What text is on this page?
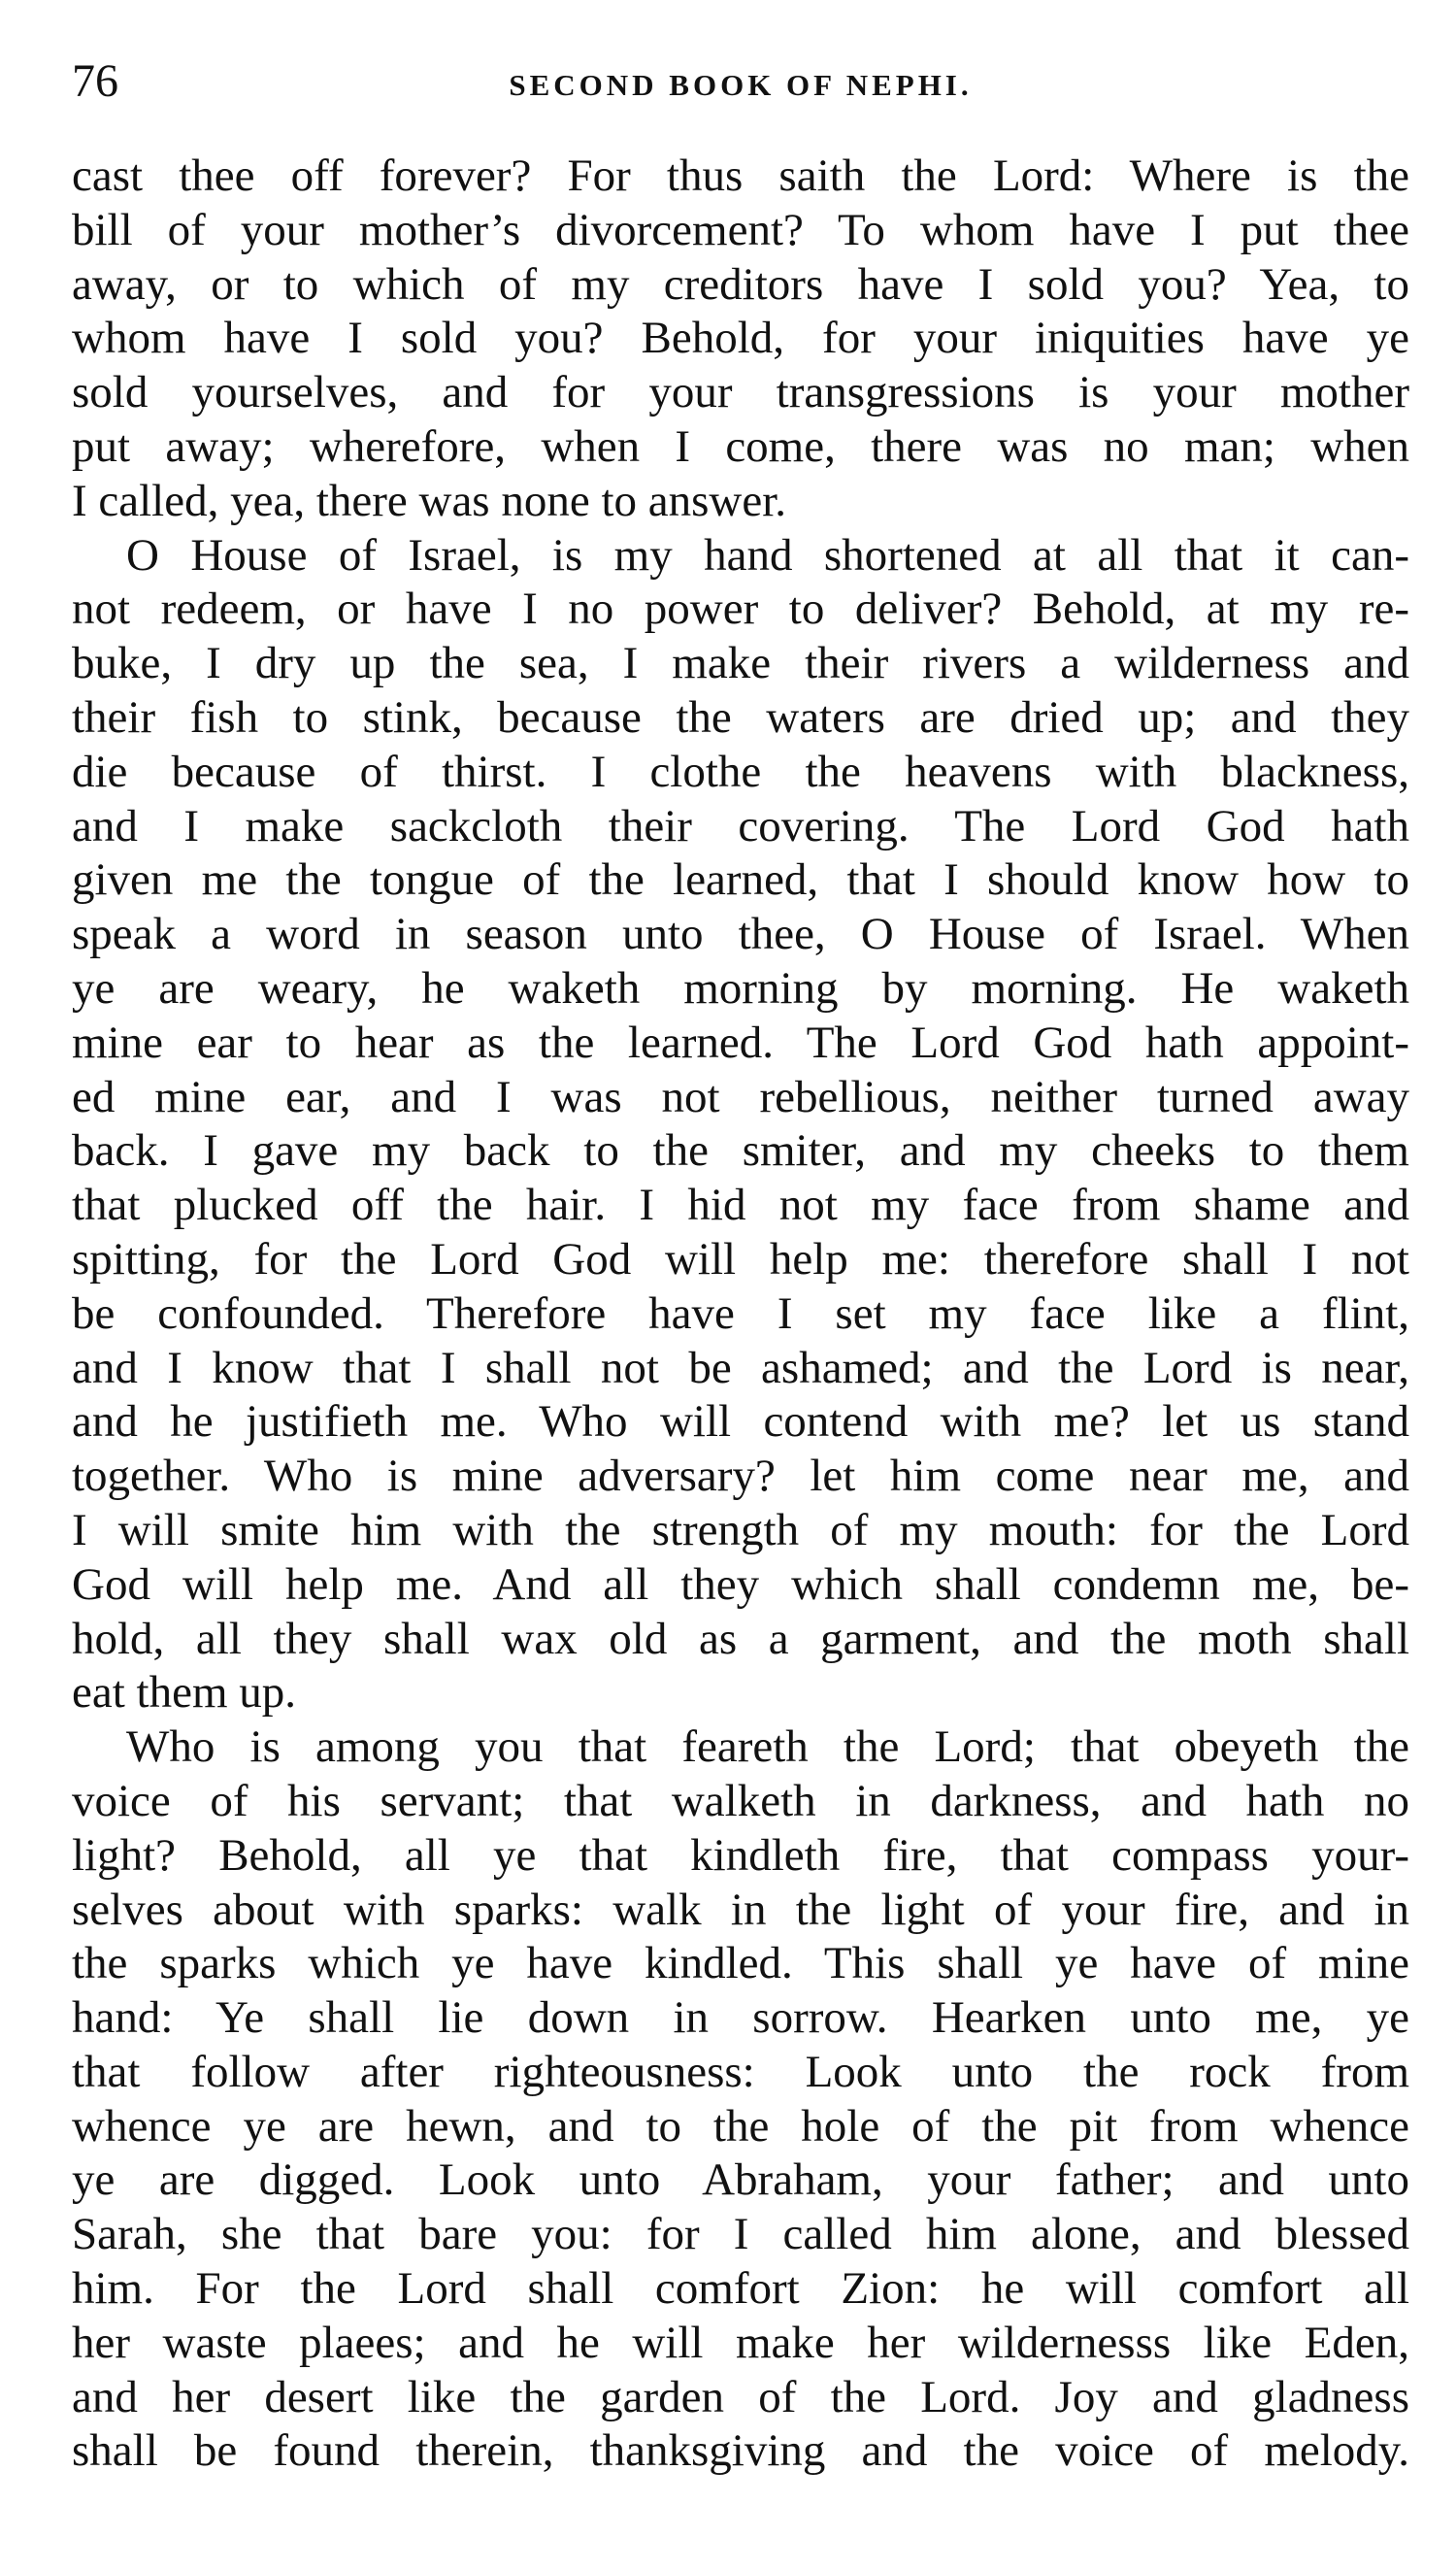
76	SECOND BOOK OF NEPHI.

cast thee off forever? For thus saith the Lord: Where is the
bill of your mother’s divorcement? To whom have I put thee
away, or to which of my creditors have I sold you? Yea, to
whom have I sold you? Behold, for your iniquities have ye
sold yourselves, and for your transgressions is your mother
put away; wherefore, when I come, there was no man; when
I called, yea, there was none to answer.

O House of Israel, is my hand shortened at all that it can-
not redeem, or have I no power to deliver? Behold, at my re-
buke, I dry up the sea, I make their rivers a wilderness and
their fish to stink, because the waters are dried up; and they
die because of thirst. I clothe the heavens with blackness,
and I make sackcloth their covering. The Lord God hath
given me the tongue of the learned, that I should know how to
speak a word in season unto thee, O House of Israel. When
ye are weary, he waketh morning by morning. He waketh
mine ear to hear as the learned. The Lord God hath appoint-
ed mine ear, and I was not rebellious, neither turned away
back. I gave my back to the smiter, and my cheeks to them
that plucked off the hair. I hid not my face from shame and
spitting, for the Lord God will help me: therefore shall I not
be confounded. Therefore have I set my face like a flint,
and I know that I shall not be ashamed; and the Lord is near,
and he justifieth me. Who will contend with me? let us stand
together. Who is mine adversary? let him come near me, and
I will smite him with the strength of my mouth: for the Lord
God will help me. And all they which shall condemn me, be-
hold, all they shall wax old as a garment, and the moth shall
eat them up.

Who is among you that feareth the Lord; that obeyeth the
voice of his servant; that walketh in darkness, and hath no
light? Behold, all ye that kindleth fire, that compass your-
selves about with sparks: walk in the light of your fire, and in
the sparks which ye have kindled. This shall ye have of mine
hand: Ye shall lie down in sorrow. Hearken unto me, ye
that follow after righteousness: Look unto the rock from
whence ye are hewn, and to the hole of the pit from whence
ye are digged. Look unto Abraham, your father; and unto
Sarah, she that bare you: for I called him alone, and blessed
him. For the Lord shall comfort Zion: he will comfort all
her waste plaees; and he will make her wildernesss like Eden,
and her desert like the garden of the Lord. Joy and gladness
shall be found therein, thanksgiving and the voice of melody.
